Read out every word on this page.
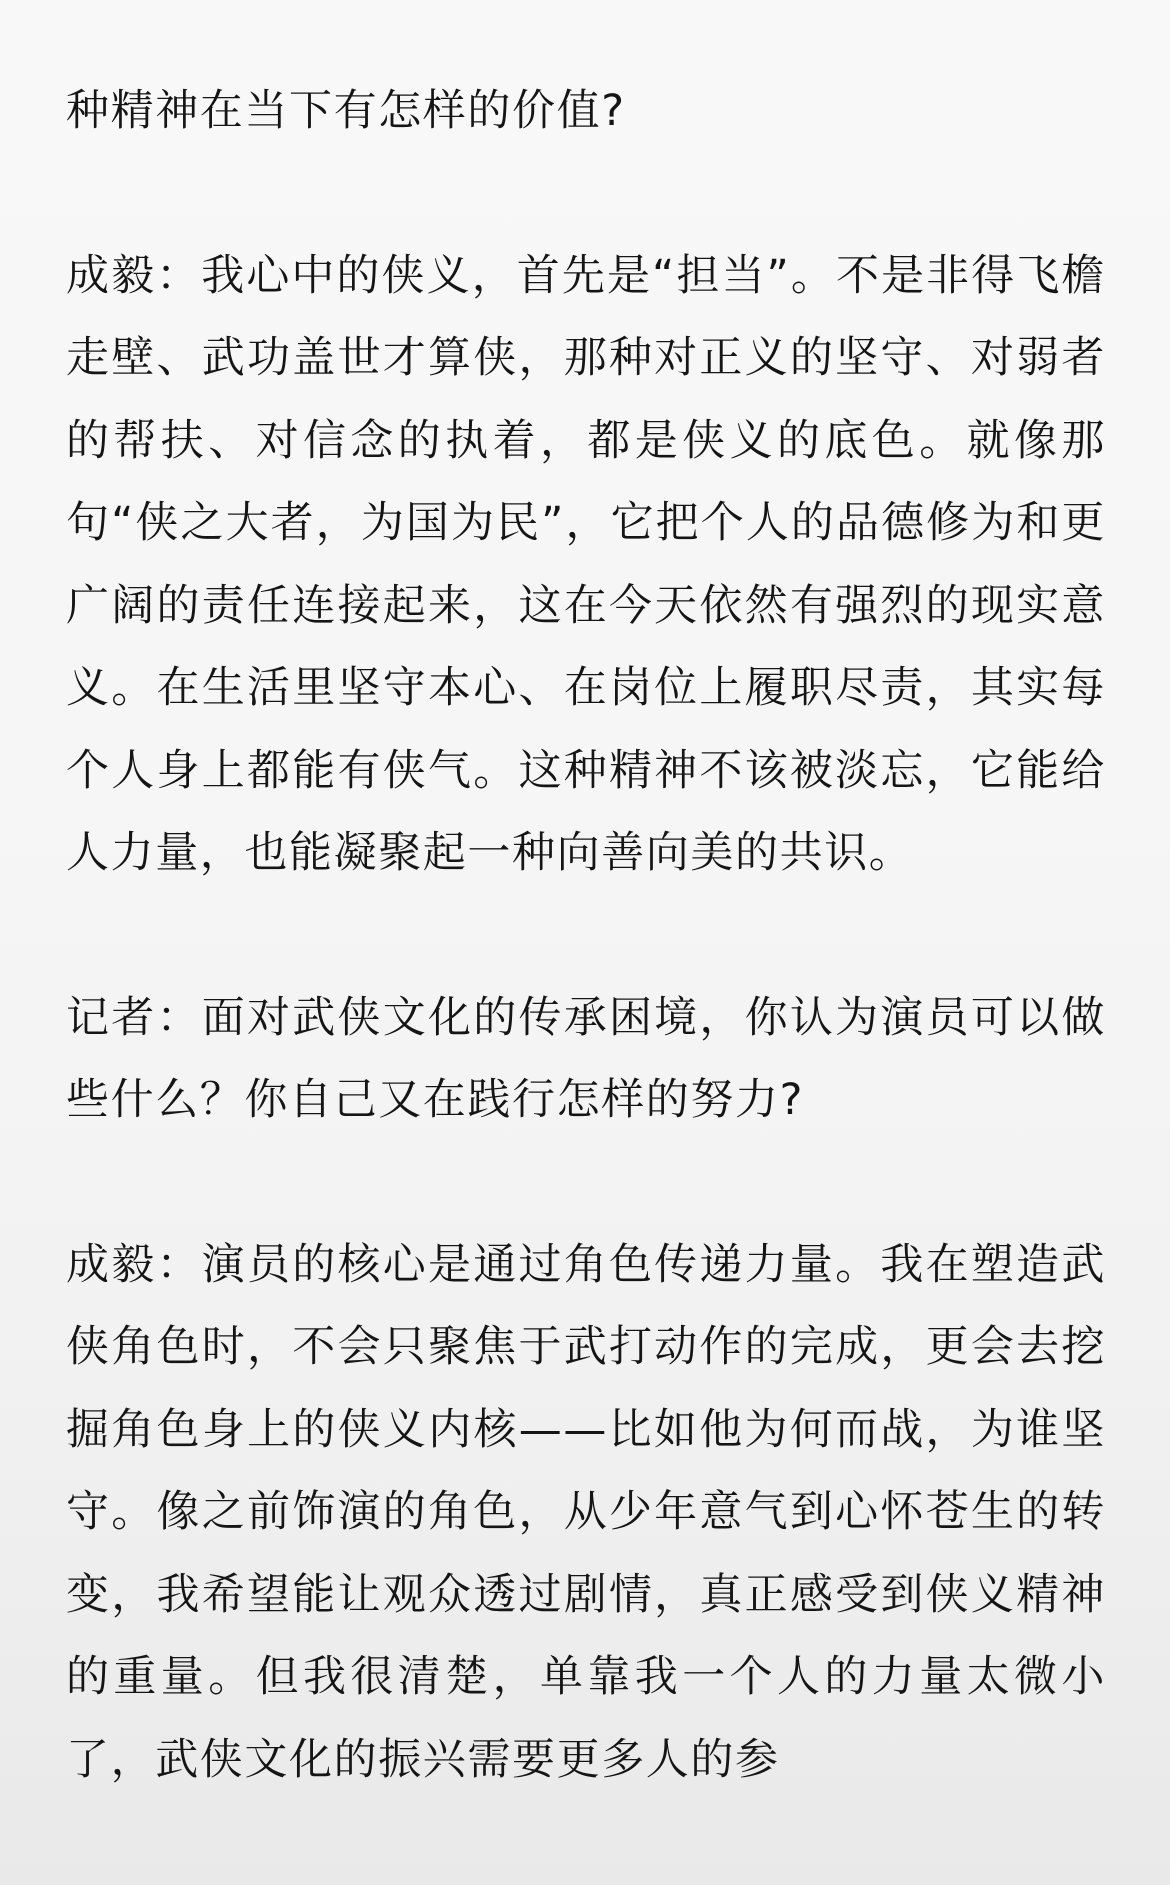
种精神在当下有怎样的价值?

成毅：我心中的侠义，首先是“担当”。不是非得飞檐走壁、武功盖世才算侠，那种对正义的坚守、对弱者的帮扶、对信念的执着，都是侠义的底色。就像那句“侠之大者，为国为民”，它把个人的品德修为和更广阔的责任连接起来，这在今天依然有强烈的现实意义。在生活里坚守本心、在岗位上履职尽责，其实每个人身上都能有侠气。这种精神不该被淡忘，它能给人力量，也能凝聚起一种向善向美的共识。

记者：面对武侠文化的传承困境，你认为演员可以做些什么？你自己又在践行怎样的努力?

成毅：演员的核心是通过角色传递力量。我在塑造武侠角色时，不会只聚焦于武打动作的完成，更会去挖掘角色身上的侠义内核——比如他为何而战，为谁坚守。像之前饰演的角色，从少年意气到心怀苍生的转变，我希望能让观众透过剧情，真正感受到侠义精神的重量。但我很清楚，单靠我一个人的力量太微小了，武侠文化的振兴需要更多人的参
